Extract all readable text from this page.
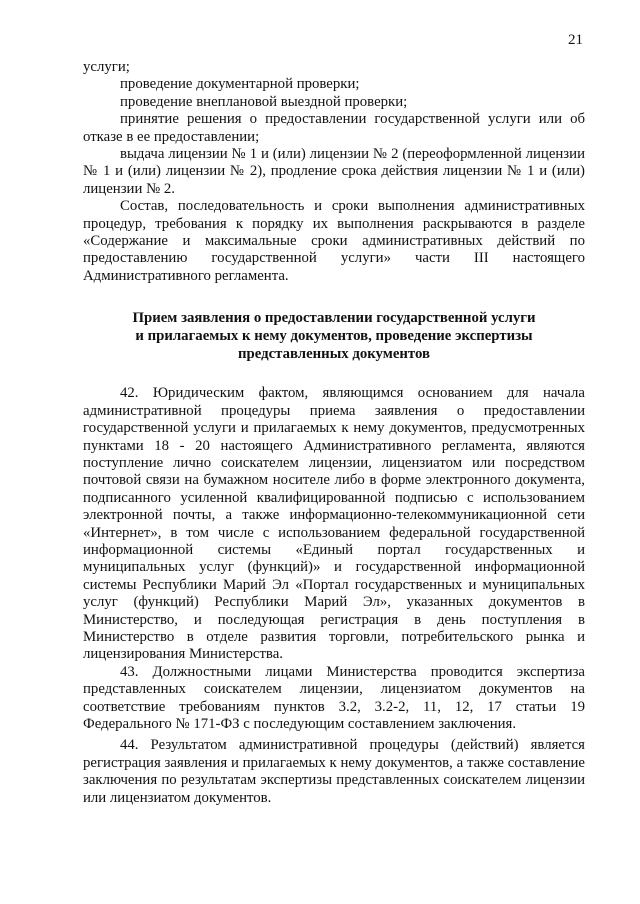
21

услуги;

проведение документарной проверки;

проведение внеплановой выездной проверки;

принятие решения о предоставлении государственной услуги или об отказе в ее предоставлении;

выдача лицензии № 1 и (или) лицензии № 2 (переоформленной лицензии № 1 и (или) лицензии № 2), продление срока действия лицензии № 1 и (или) лицензии № 2.

Состав, последовательность и сроки выполнения административных процедур, требования к порядку их выполнения раскрываются в разделе «Содержание и максимальные сроки административных действий по предоставлению государственной услуги» части III настоящего Административного регламента.

Прием заявления о предоставлении государственной услуги
и прилагаемых к нему документов, проведение экспертизы
представленных документов

42. Юридическим фактом, являющимся основанием для начала административной процедуры приема заявления о предоставлении государственной услуги и прилагаемых к нему документов, предусмотренных пунктами 18 - 20 настоящего Административного регламента, являются поступление лично соискателем лицензии, лицензиатом или посредством почтовой связи на бумажном носителе либо в форме электронного документа, подписанного усиленной квалифицированной подписью с использованием электронной почты, а также информационно-телекоммуникационной сети «Интернет», в том числе с использованием федеральной государственной информационной системы «Единый портал государственных и муниципальных услуг (функций)» и государственной информационной системы Республики Марий Эл «Портал государственных и муниципальных услуг (функций) Республики Марий Эл», указанных документов в Министерство, и последующая регистрация в день поступления в Министерство в отделе развития торговли, потребительского рынка и лицензирования Министерства.

43. Должностными лицами Министерства проводится экспертиза представленных соискателем лицензии, лицензиатом документов на соответствие требованиям пунктов 3.2, 3.2-2, 11, 12, 17 статьи 19 Федерального № 171-ФЗ с последующим составлением заключения.

44. Результатом административной процедуры (действий) является регистрация заявления и прилагаемых к нему документов, а также составление заключения по результатам экспертизы представленных соискателем лицензии или лицензиатом документов.
